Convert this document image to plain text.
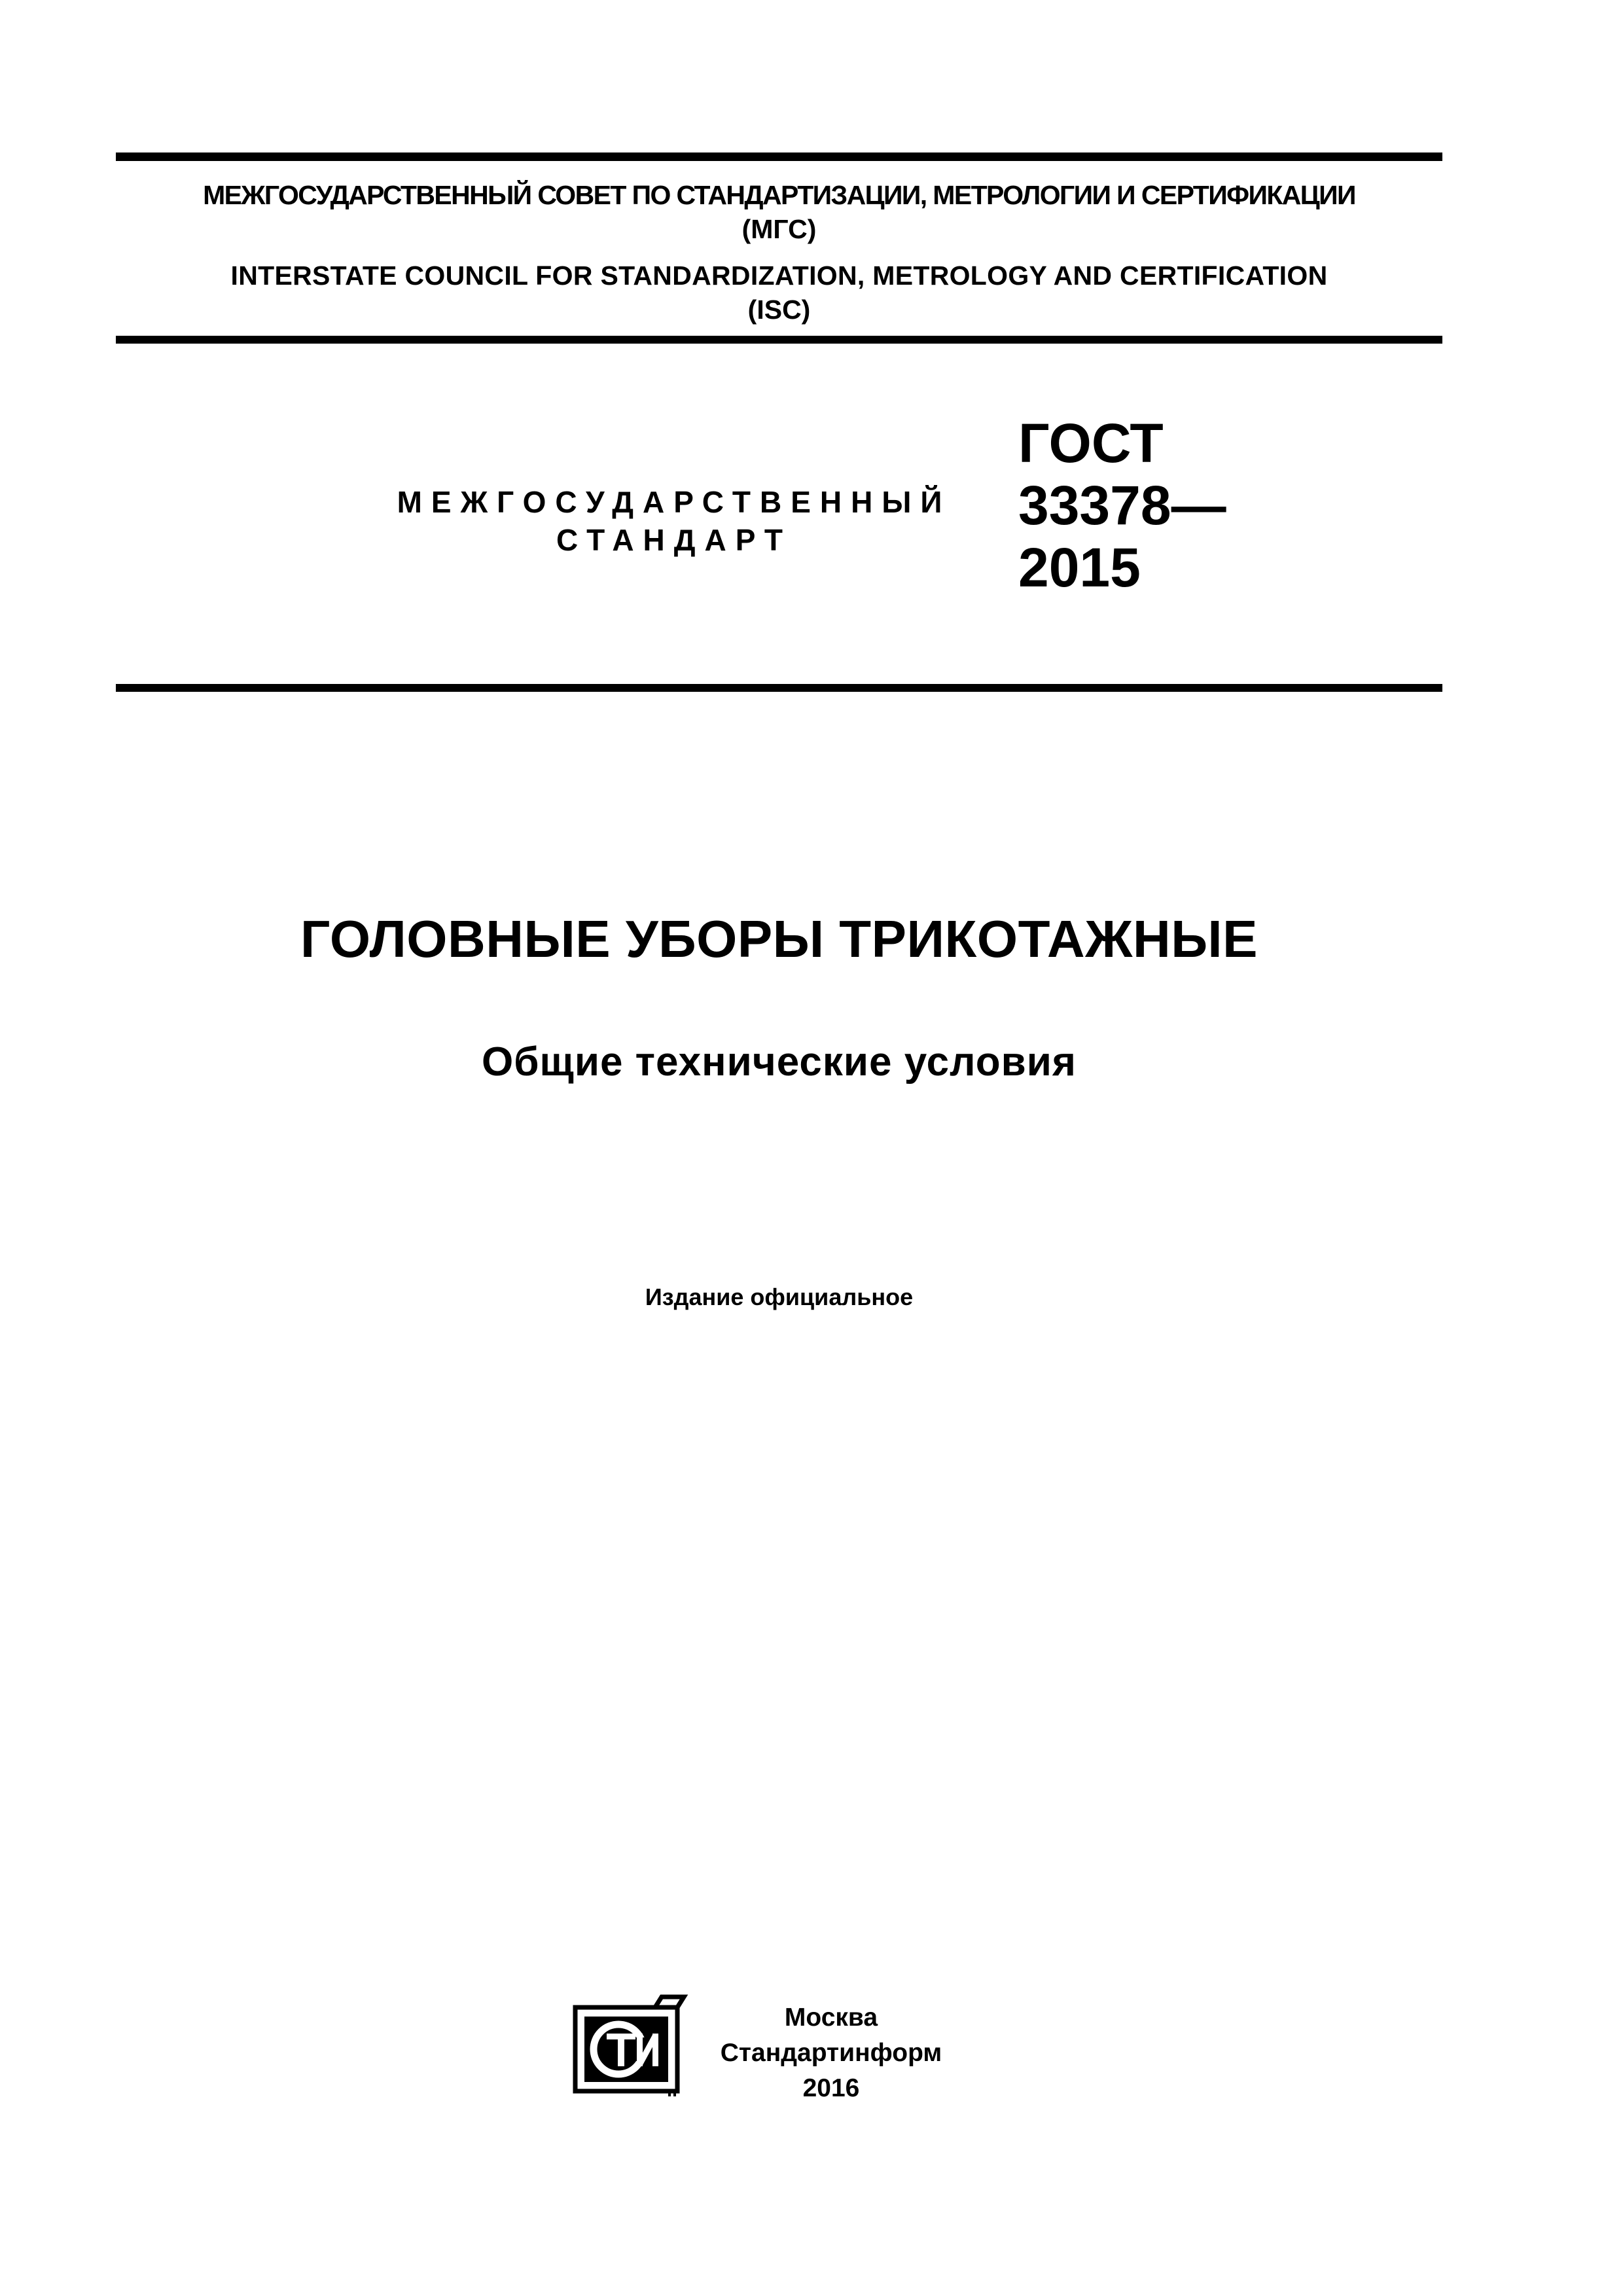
МЕЖГОСУДАРСТВЕННЫЙ СОВЕТ ПО СТАНДАРТИЗАЦИИ, МЕТРОЛОГИИ И СЕРТИФИКАЦИИ
(МГС)
INTERSTATE COUNCIL FOR STANDARDIZATION, METROLOGY AND CERTIFICATION
(ISC)
МЕЖГОСУДАРСТВЕННЫЙ
СТАНДАРТ
ГОСТ
33378—
2015
ГОЛОВНЫЕ УБОРЫ ТРИКОТАЖНЫЕ
Общие технические условия
Издание официальное
Москва
Стандартинформ
2016
